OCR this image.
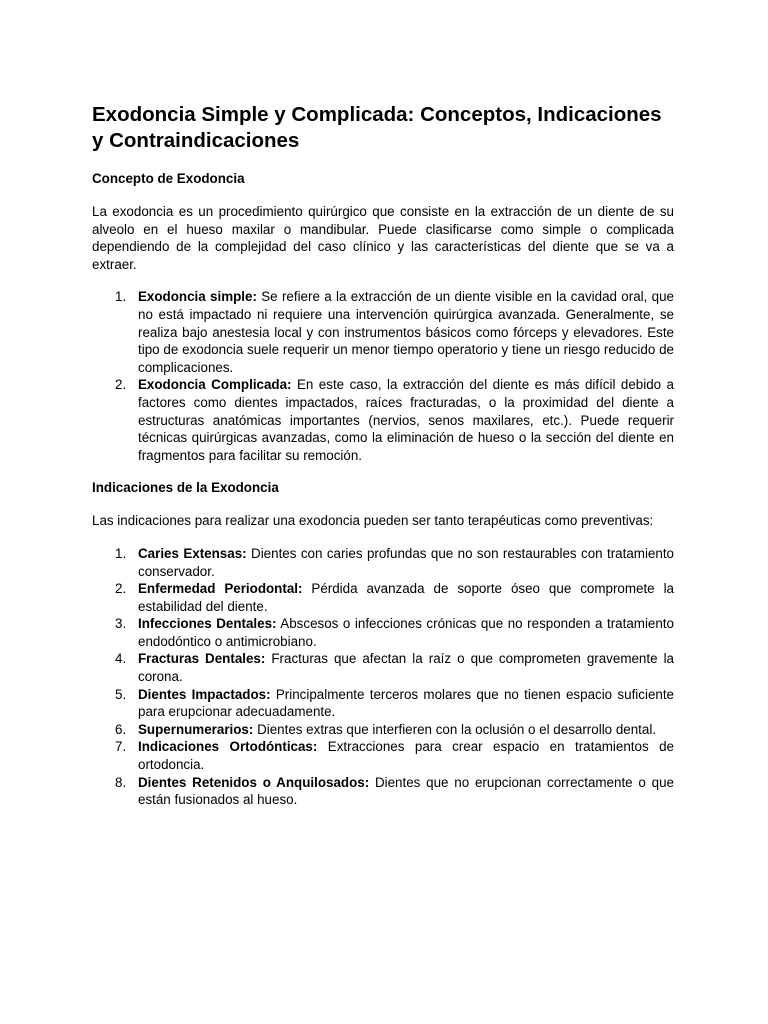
Exodoncia Simple y Complicada: Conceptos, Indicaciones y Contraindicaciones
Concepto de Exodoncia

La exodoncia es un procedimiento quirúrgico que consiste en la extracción de un diente de su alveolo en el hueso maxilar o mandibular. Puede clasificarse como simple o complicada dependiendo de la complejidad del caso clínico y las características del diente que se va a extraer.

1. Exodoncia simple: Se refiere a la extracción de un diente visible en la cavidad oral, que no está impactado ni requiere una intervención quirúrgica avanzada. Generalmente, se realiza bajo anestesia local y con instrumentos básicos como fórceps y elevadores. Este tipo de exodoncia suele requerir un menor tiempo operatorio y tiene un riesgo reducido de complicaciones.
2. Exodoncia Complicada: En este caso, la extracción del diente es más difícil debido a factores como dientes impactados, raíces fracturadas, o la proximidad del diente a estructuras anatómicas importantes (nervios, senos maxilares, etc.). Puede requerir técnicas quirúrgicas avanzadas, como la eliminación de hueso o la sección del diente en fragmentos para facilitar su remoción.
Indicaciones de la Exodoncia

Las indicaciones para realizar una exodoncia pueden ser tanto terapéuticas como preventivas:

1. Caries Extensas: Dientes con caries profundas que no son restaurables con tratamiento conservador.
2. Enfermedad Periodontal: Pérdida avanzada de soporte óseo que compromete la estabilidad del diente.
3. Infecciones Dentales: Abscesos o infecciones crónicas que no responden a tratamiento endodóntico o antimicrobiano.
4. Fracturas Dentales: Fracturas que afectan la raíz o que comprometen gravemente la corona.
5. Dientes Impactados: Principalmente terceros molares que no tienen espacio suficiente para erupcionar adecuadamente.
6. Supernumerarios: Dientes extras que interfieren con la oclusión o el desarrollo dental.
7. Indicaciones Ortodónticas: Extracciones para crear espacio en tratamientos de ortodoncia.
8. Dientes Retenidos o Anquilosados: Dientes que no erupcionan correctamente o que están fusionados al hueso.
